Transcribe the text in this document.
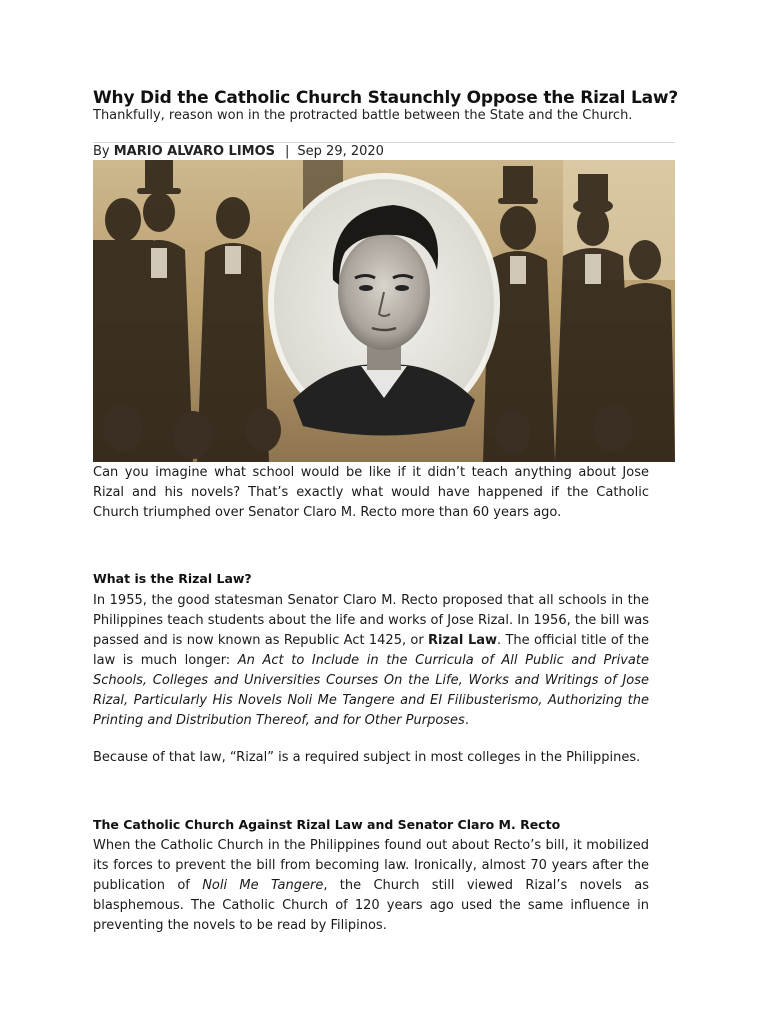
Why Did the Catholic Church Staunchly Oppose the Rizal Law?
Thankfully, reason won in the protracted battle between the State and the Church.
By MARIO ALVARO LIMOS | Sep 29, 2020
Can you imagine what school would be like if it didn’t teach anything about Jose Rizal and his novels? That’s exactly what would have happened if the Catholic Church triumphed over Senator Claro M. Recto more than 60 years ago.
What is the Rizal Law?
In 1955, the good statesman Senator Claro M. Recto proposed that all schools in the Philippines teach students about the life and works of Jose Rizal. In 1956, the bill was passed and is now known as Republic Act 1425, or Rizal Law. The official title of the law is much longer: An Act to Include in the Curricula of All Public and Private Schools, Colleges and Universities Courses On the Life, Works and Writings of Jose Rizal, Particularly His Novels Noli Me Tangere and El Filibusterismo, Authorizing the Printing and Distribution Thereof, and for Other Purposes.
Because of that law, “Rizal” is a required subject in most colleges in the Philippines.
The Catholic Church Against Rizal Law and Senator Claro M. Recto
When the Catholic Church in the Philippines found out about Recto’s bill, it mobilized its forces to prevent the bill from becoming law. Ironically, almost 70 years after the publication of Noli Me Tangere, the Church still viewed Rizal’s novels as blasphemous. The Catholic Church of 120 years ago used the same influence in preventing the novels to be read by Filipinos.
